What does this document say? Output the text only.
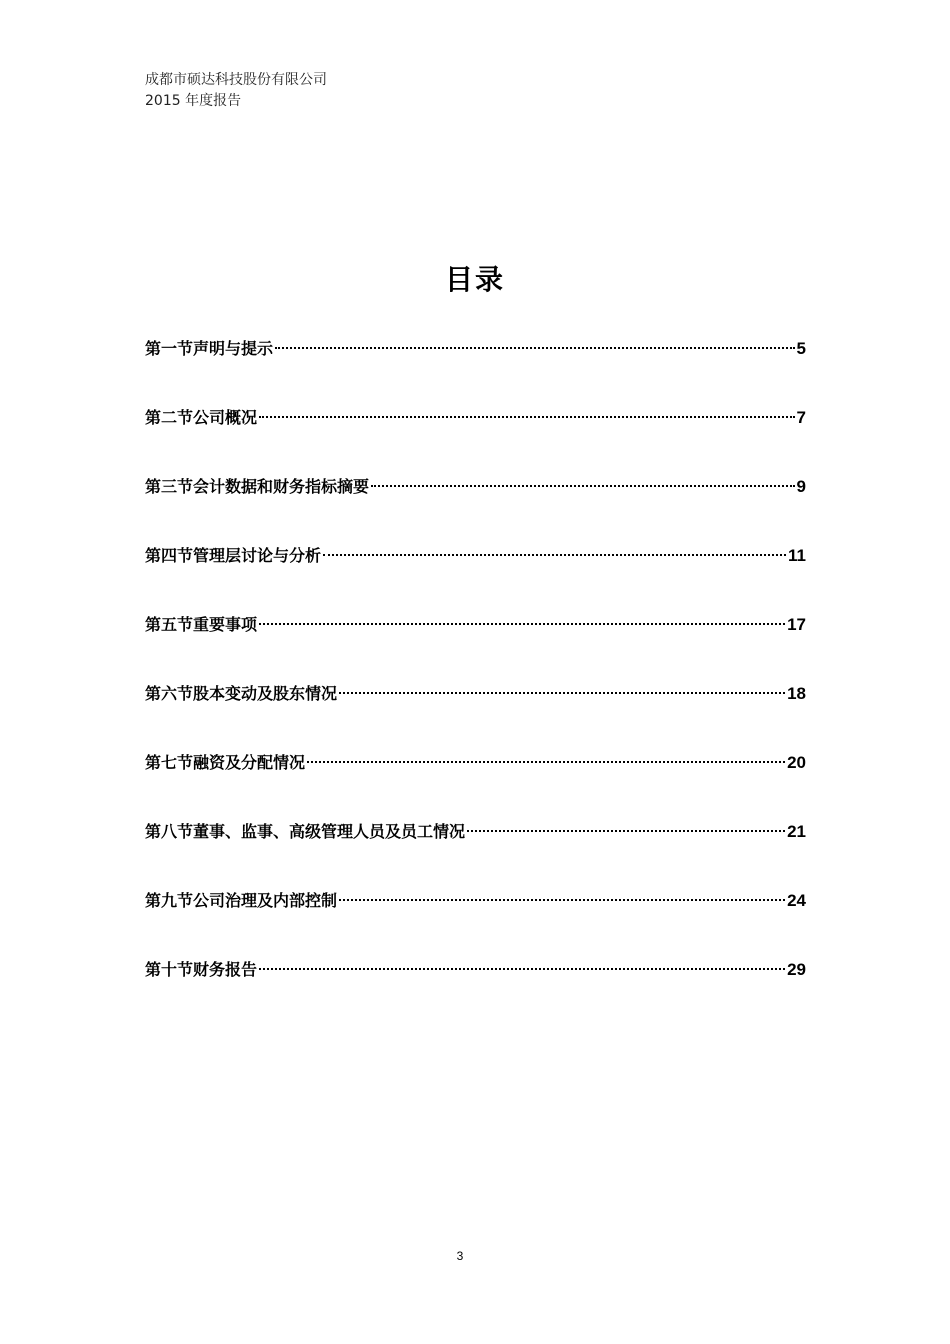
成都市硕达科技股份有限公司
2015 年度报告
目录
第一节声明与提示	5
第二节公司概况	7
第三节会计数据和财务指标摘要	9
第四节管理层讨论与分析	11
第五节重要事项	17
第六节股本变动及股东情况	18
第七节融资及分配情况	20
第八节董事、监事、高级管理人员及员工情况	21
第九节公司治理及内部控制	24
第十节财务报告	29
3
